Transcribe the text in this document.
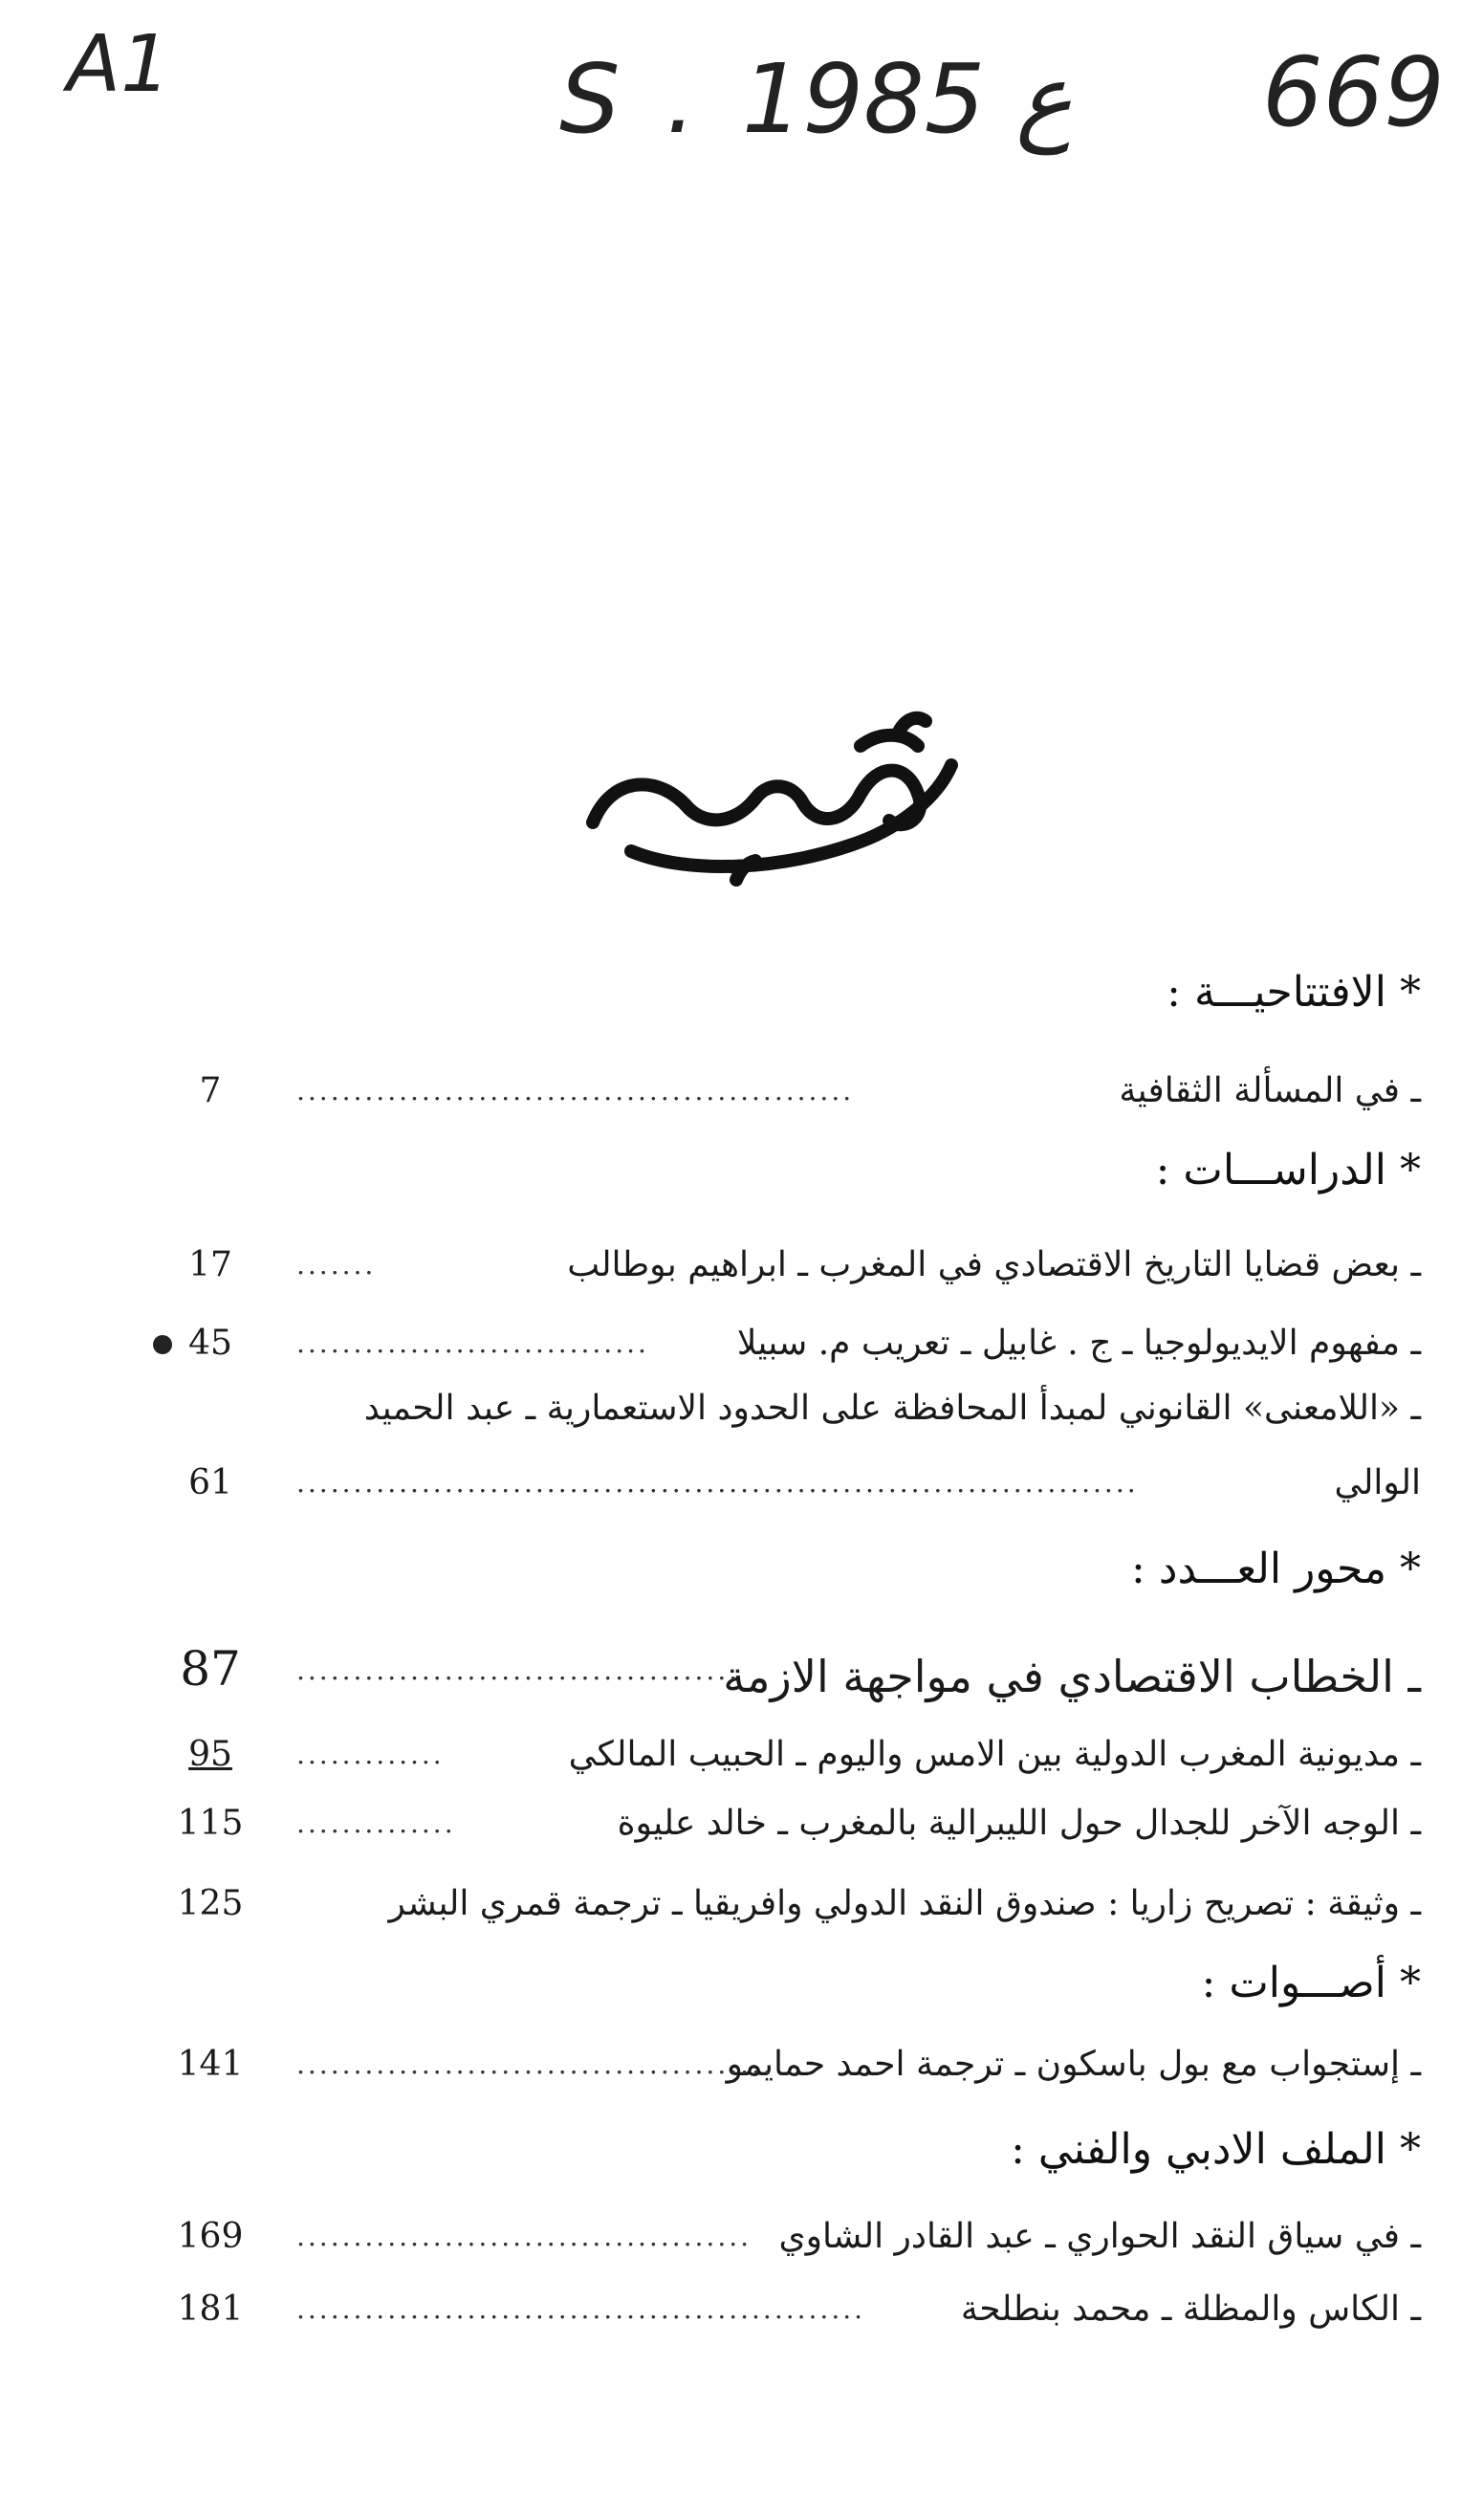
A1	S . ع 1985 669
* الافتتاحيـــة :
ـ في المسألة الثقافية
.................................................
7
* الدراســـات :
ـ بعض قضايا التاريخ الاقتصادي في المغرب ـ ابراهيم بوطالب
.......
17
ـ مفهوم الايديولوجيا ـ ج . غابيل ـ تعريب م. سبيلا
...............................
45
ـ «اللامعنى» القانوني لمبدأ المحافظة على الحدود الاستعمارية ـ عبد الحميد
الوالي
..........................................................................
61
* محور العـــدد :
ـ الخطاب الاقتصادي في مواجهة الازمة
.......................................
87
ـ مديونية المغرب الدولية بين الامس واليوم ـ الحبيب المالكي
.............
95
ـ الوجه الآخر للجدال حول الليبرالية بالمغرب ـ خالد عليوة
..............
115
ـ وثيقة : تصريح زاريا : صندوق النقد الدولي وافريقيا ـ ترجمة قمري البشر
125
* أصـــوات :
ـ إستجواب مع بول باسكون ـ ترجمة احمد حمايمو
..........................................
141
* الملف الادبي والفني :
ـ في سياق النقد الحواري ـ عبد القادر الشاوي
........................................
169
ـ الكاس والمظلة ـ محمد بنطلحة
..................................................
181
